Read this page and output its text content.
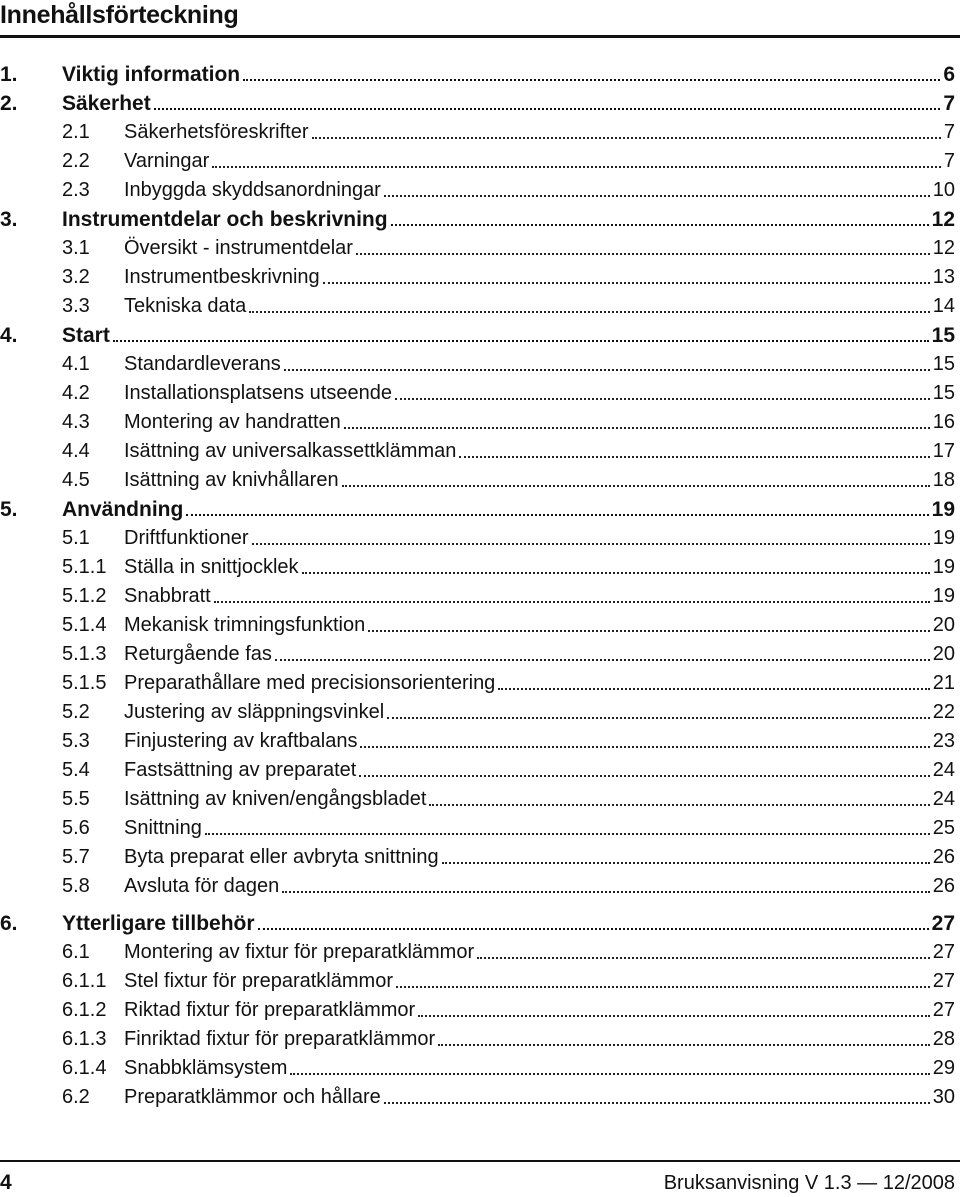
Innehållsförteckning
1.	Viktig information	6
2.	Säkerhet	7
2.1	Säkerhetsföreskrifter	7
2.2	Varningar	7
2.3	Inbyggda skyddsanordningar	10
3.	Instrumentdelar och beskrivning	12
3.1	Översikt - instrumentdelar	12
3.2	Instrumentbeskrivning	13
3.3	Tekniska data	14
4.	Start	15
4.1	Standardleverans	15
4.2	Installationsplatsens utseende	15
4.3	Montering av handratten	16
4.4	Isättning av universalkassettklämman	17
4.5	Isättning av knivhållaren	18
5.	Användning	19
5.1	Driftfunktioner	19
5.1.1 Ställa in snittjocklek	19
5.1.2 Snabbratt	19
5.1.4 Mekanisk trimningsfunktion	20
5.1.3 Returgående fas	20
5.1.5 Preparathållare med precisionsorientering	21
5.2	Justering av släppningsvinkel	22
5.3	Finjustering av kraftbalans	23
5.4	Fastsättning av preparatet	24
5.5	Isättning av kniven/engångsbladet	24
5.6	Snittning	25
5.7	Byta preparat eller avbryta snittning	26
5.8	Avsluta för dagen	26
6.	Ytterligare tillbehör	27
6.1	Montering av fixtur för preparatklämmor	27
6.1.1 Stel fixtur för preparatklämmor	27
6.1.2 Riktad fixtur för preparatklämmor	27
6.1.3 Finriktad fixtur för preparatklämmor	28
6.1.4 Snabbklämsystem	29
6.2	Preparatklämmor och hållare	30
4	Bruksanvisning V 1.3 — 12/2008
